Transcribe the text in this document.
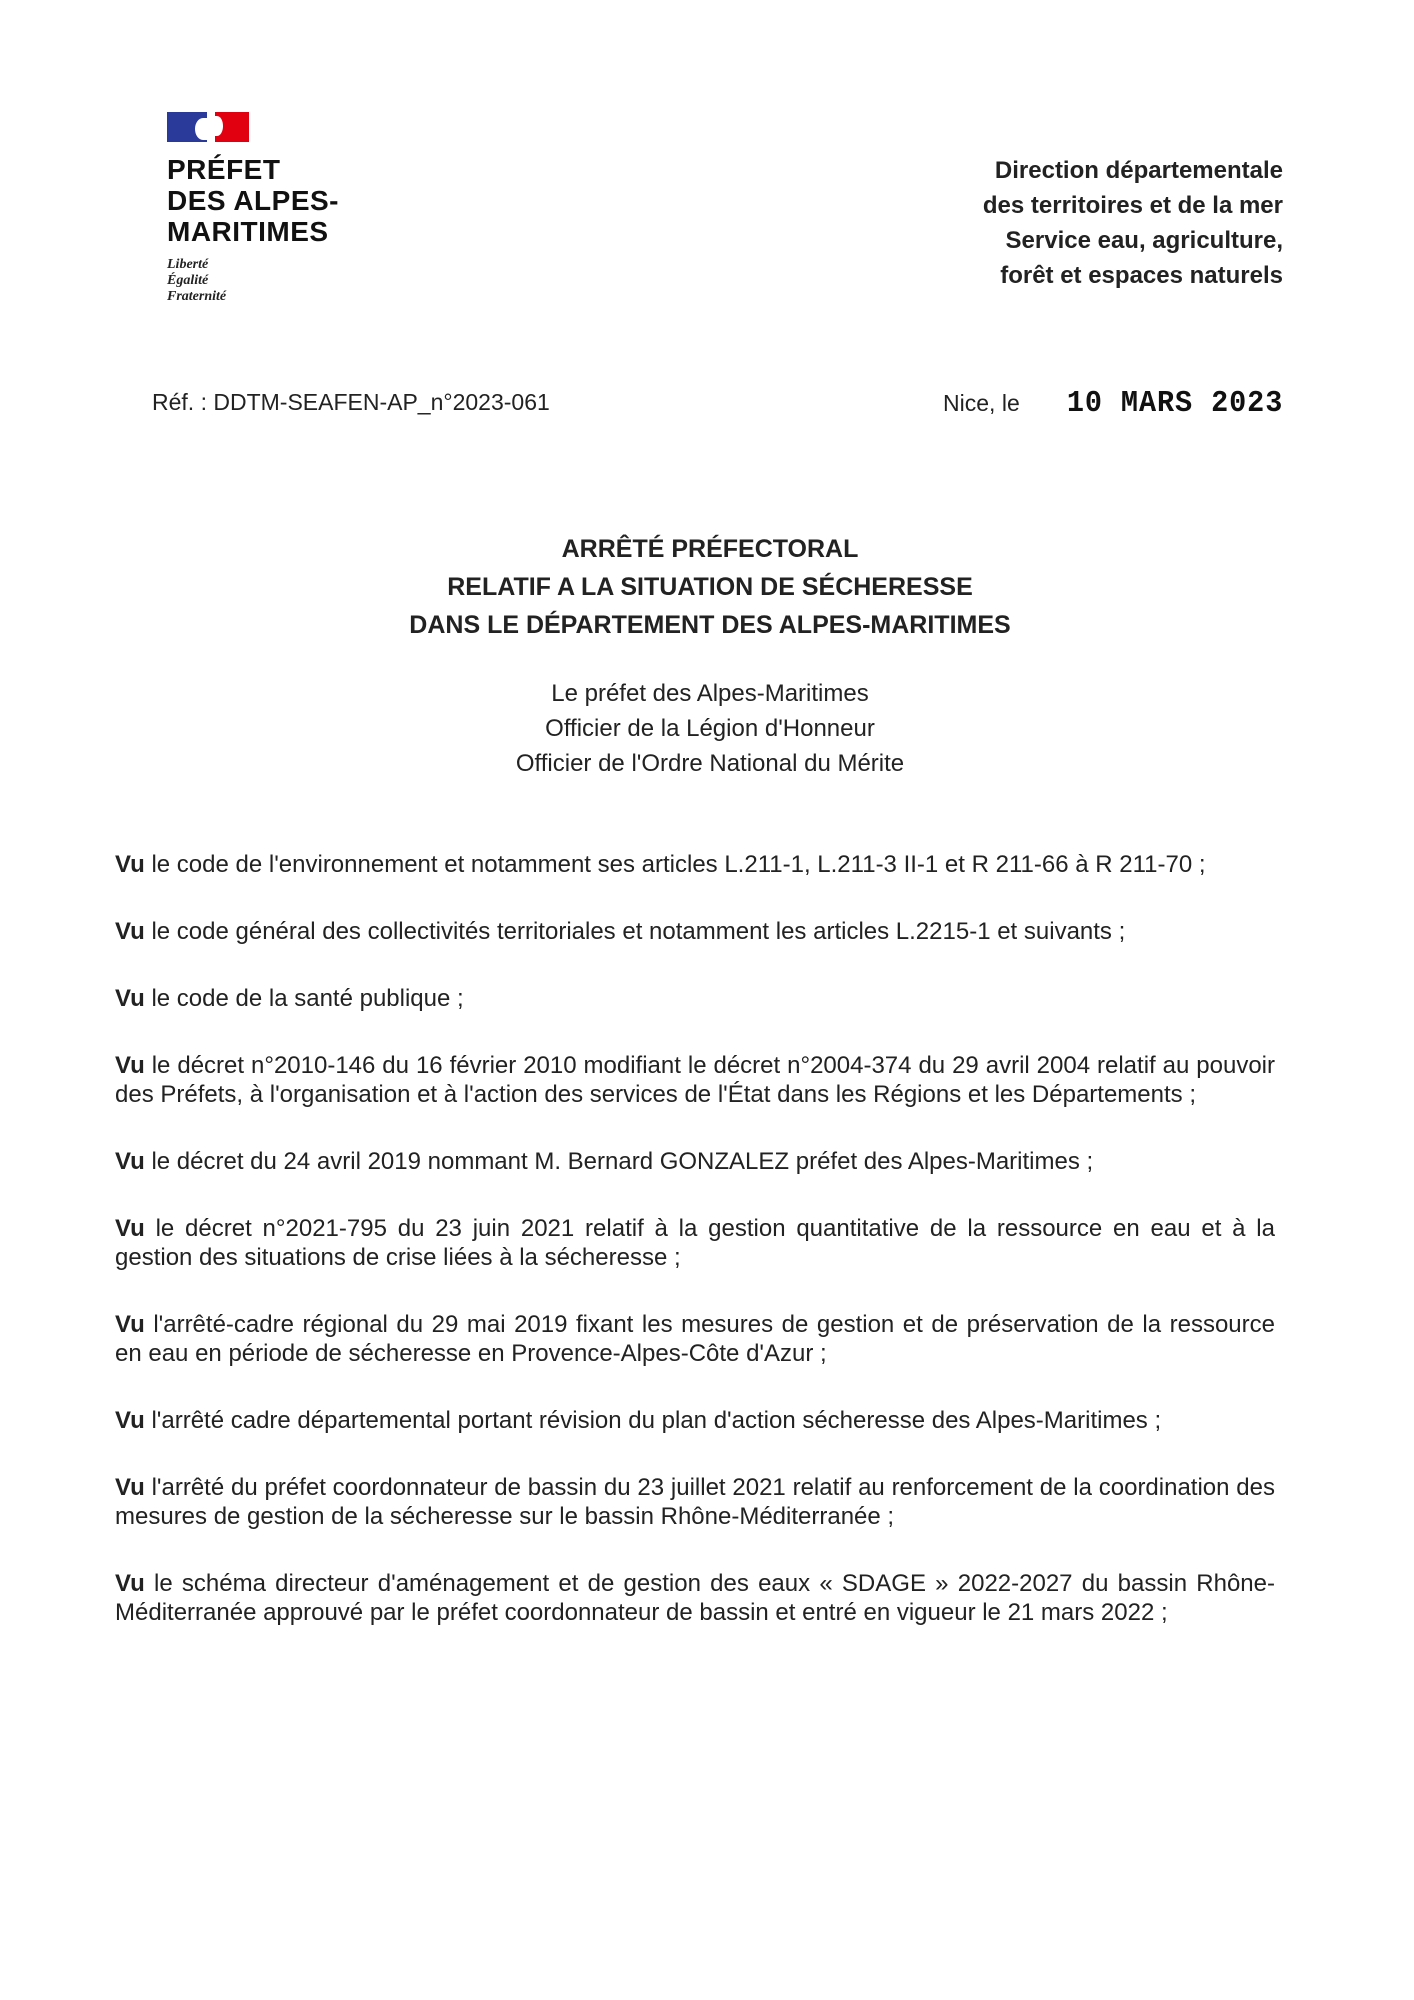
PRÉFET
DES ALPES-
MARITIMES
Liberté
Égalité
Fraternité
Direction départementale
des territoires et de la mer
Service eau, agriculture,
forêt et espaces naturels
Réf. : DDTM-SEAFEN-AP_n°2023-061	Nice, le 10 MARS 2023
ARRÊTÉ PRÉFECTORAL
RELATIF A LA SITUATION DE SÉCHERESSE
DANS LE DÉPARTEMENT DES ALPES-MARITIMES
Le préfet des Alpes-Maritimes
Officier de la Légion d'Honneur
Officier de l'Ordre National du Mérite

Vu le code de l'environnement et notamment ses articles L.211-1, L.211-3 II-1 et R 211-66 à R 211-70 ;

Vu le code général des collectivités territoriales et notamment les articles L.2215-1 et suivants ;

Vu le code de la santé publique ;

Vu le décret n°2010-146 du 16 février 2010 modifiant le décret n°2004-374 du 29 avril 2004 relatif au pouvoir des Préfets, à l'organisation et à l'action des services de l'État dans les Régions et les Départements ;

Vu le décret du 24 avril 2019 nommant M. Bernard GONZALEZ préfet des Alpes-Maritimes ;

Vu le décret n°2021-795 du 23 juin 2021 relatif à la gestion quantitative de la ressource en eau et à la gestion des situations de crise liées à la sécheresse ;

Vu l'arrêté-cadre régional du 29 mai 2019 fixant les mesures de gestion et de préservation de la ressource en eau en période de sécheresse en Provence-Alpes-Côte d'Azur ;

Vu l'arrêté cadre départemental portant révision du plan d'action sécheresse des Alpes-Maritimes ;

Vu l'arrêté du préfet coordonnateur de bassin du 23 juillet 2021 relatif au renforcement de la coordination des mesures de gestion de la sécheresse sur le bassin Rhône-Méditerranée ;

Vu le schéma directeur d'aménagement et de gestion des eaux « SDAGE » 2022-2027 du bassin Rhône-Méditerranée approuvé par le préfet coordonnateur de bassin et entré en vigueur le 21 mars 2022 ;
